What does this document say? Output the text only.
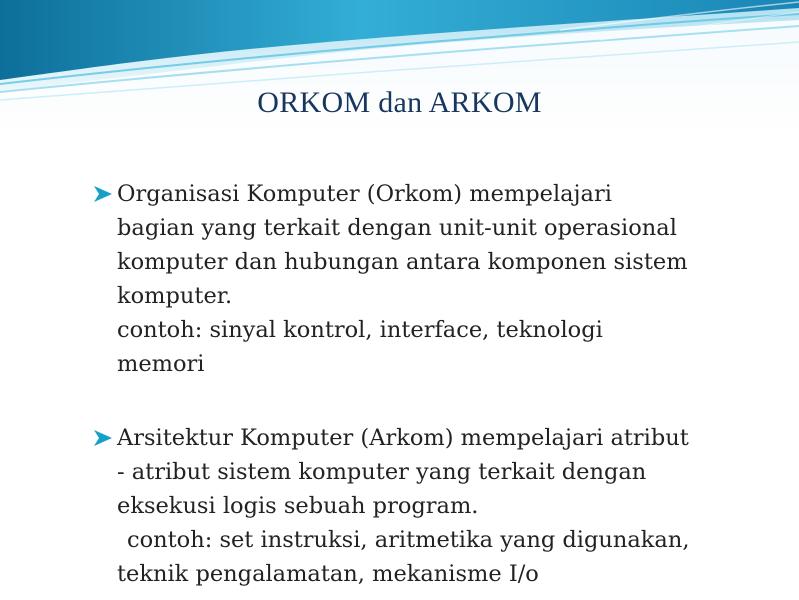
ORKOM dan ARKOM
Organisasi Komputer (Orkom) mempelajari
bagian yang terkait dengan unit‑unit operasional
komputer dan hubungan antara komponen sistem
komputer.
contoh: sinyal kontrol, interface, teknologi
memori
Arsitektur Komputer (Arkom) mempelajari atribut
‑ atribut sistem komputer yang terkait dengan
eksekusi logis sebuah program.
contoh: set instruksi, aritmetika yang digunakan,
teknik pengalamatan, mekanisme I/o
